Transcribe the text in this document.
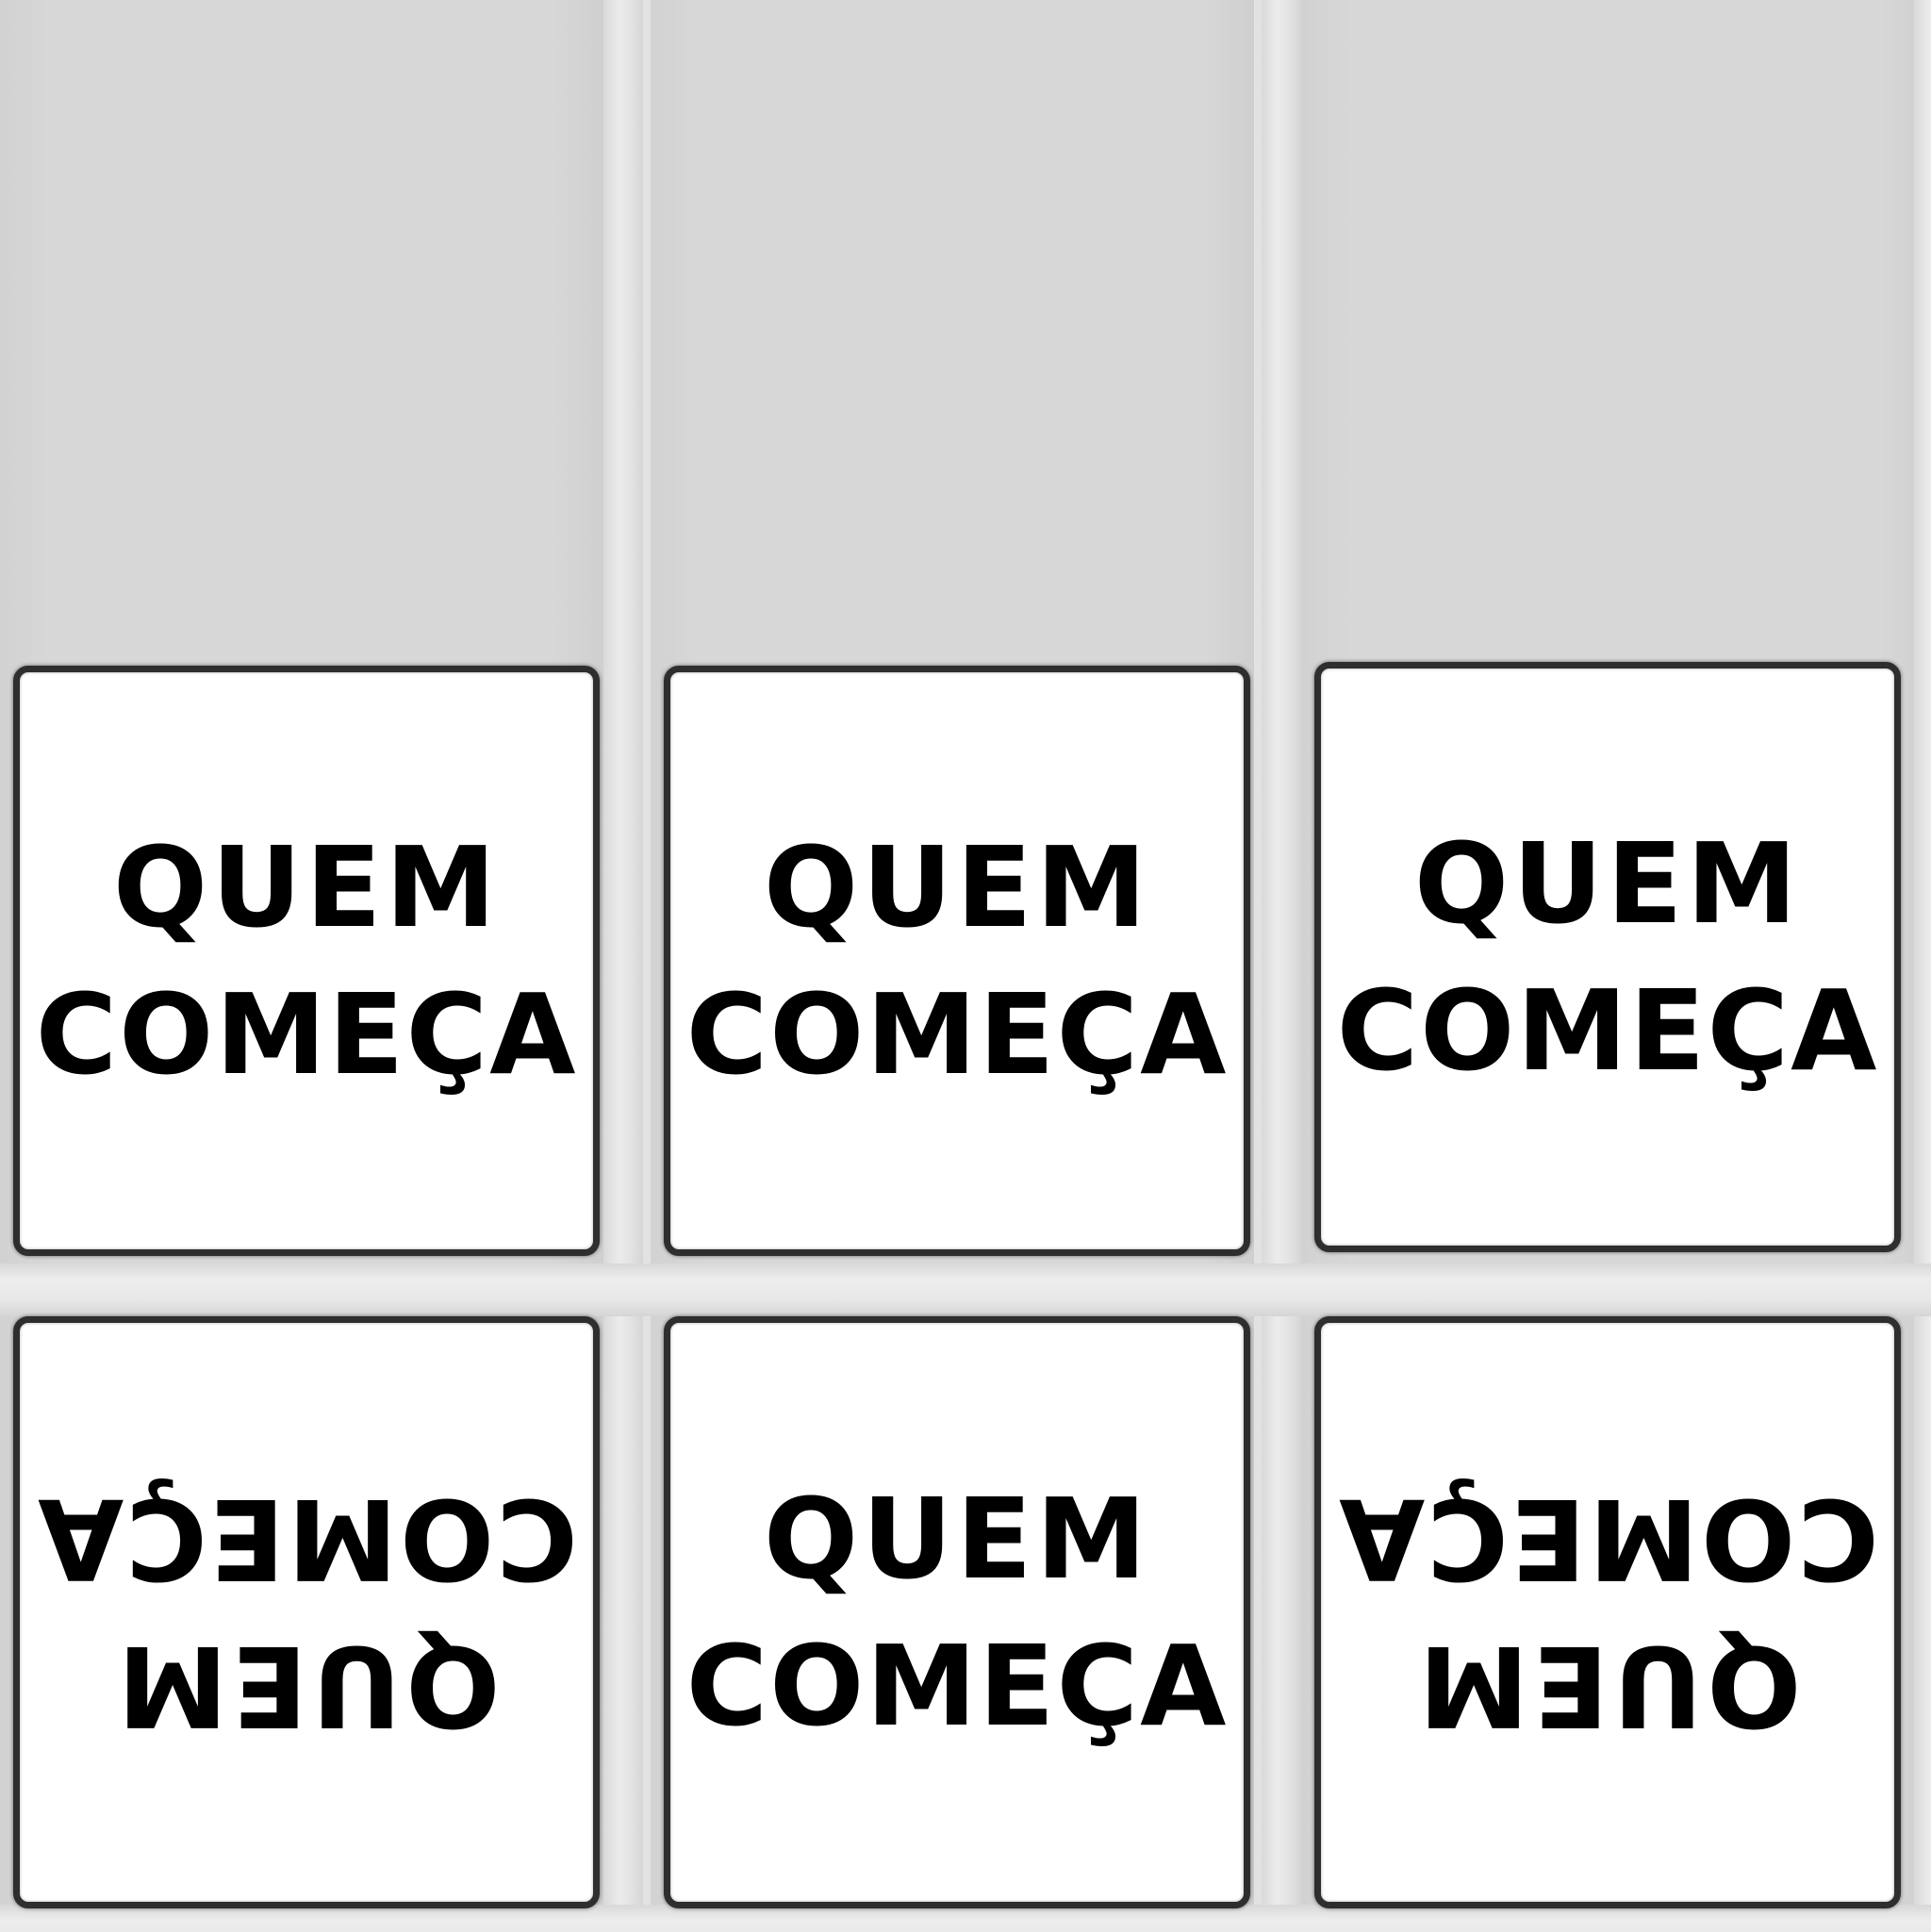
QUEM
COMEÇA
QUEM
COMEÇA
QUEM
COMEÇA
QUEM
COMEÇA QUEM
COMEÇA QUEM
COMEÇA
